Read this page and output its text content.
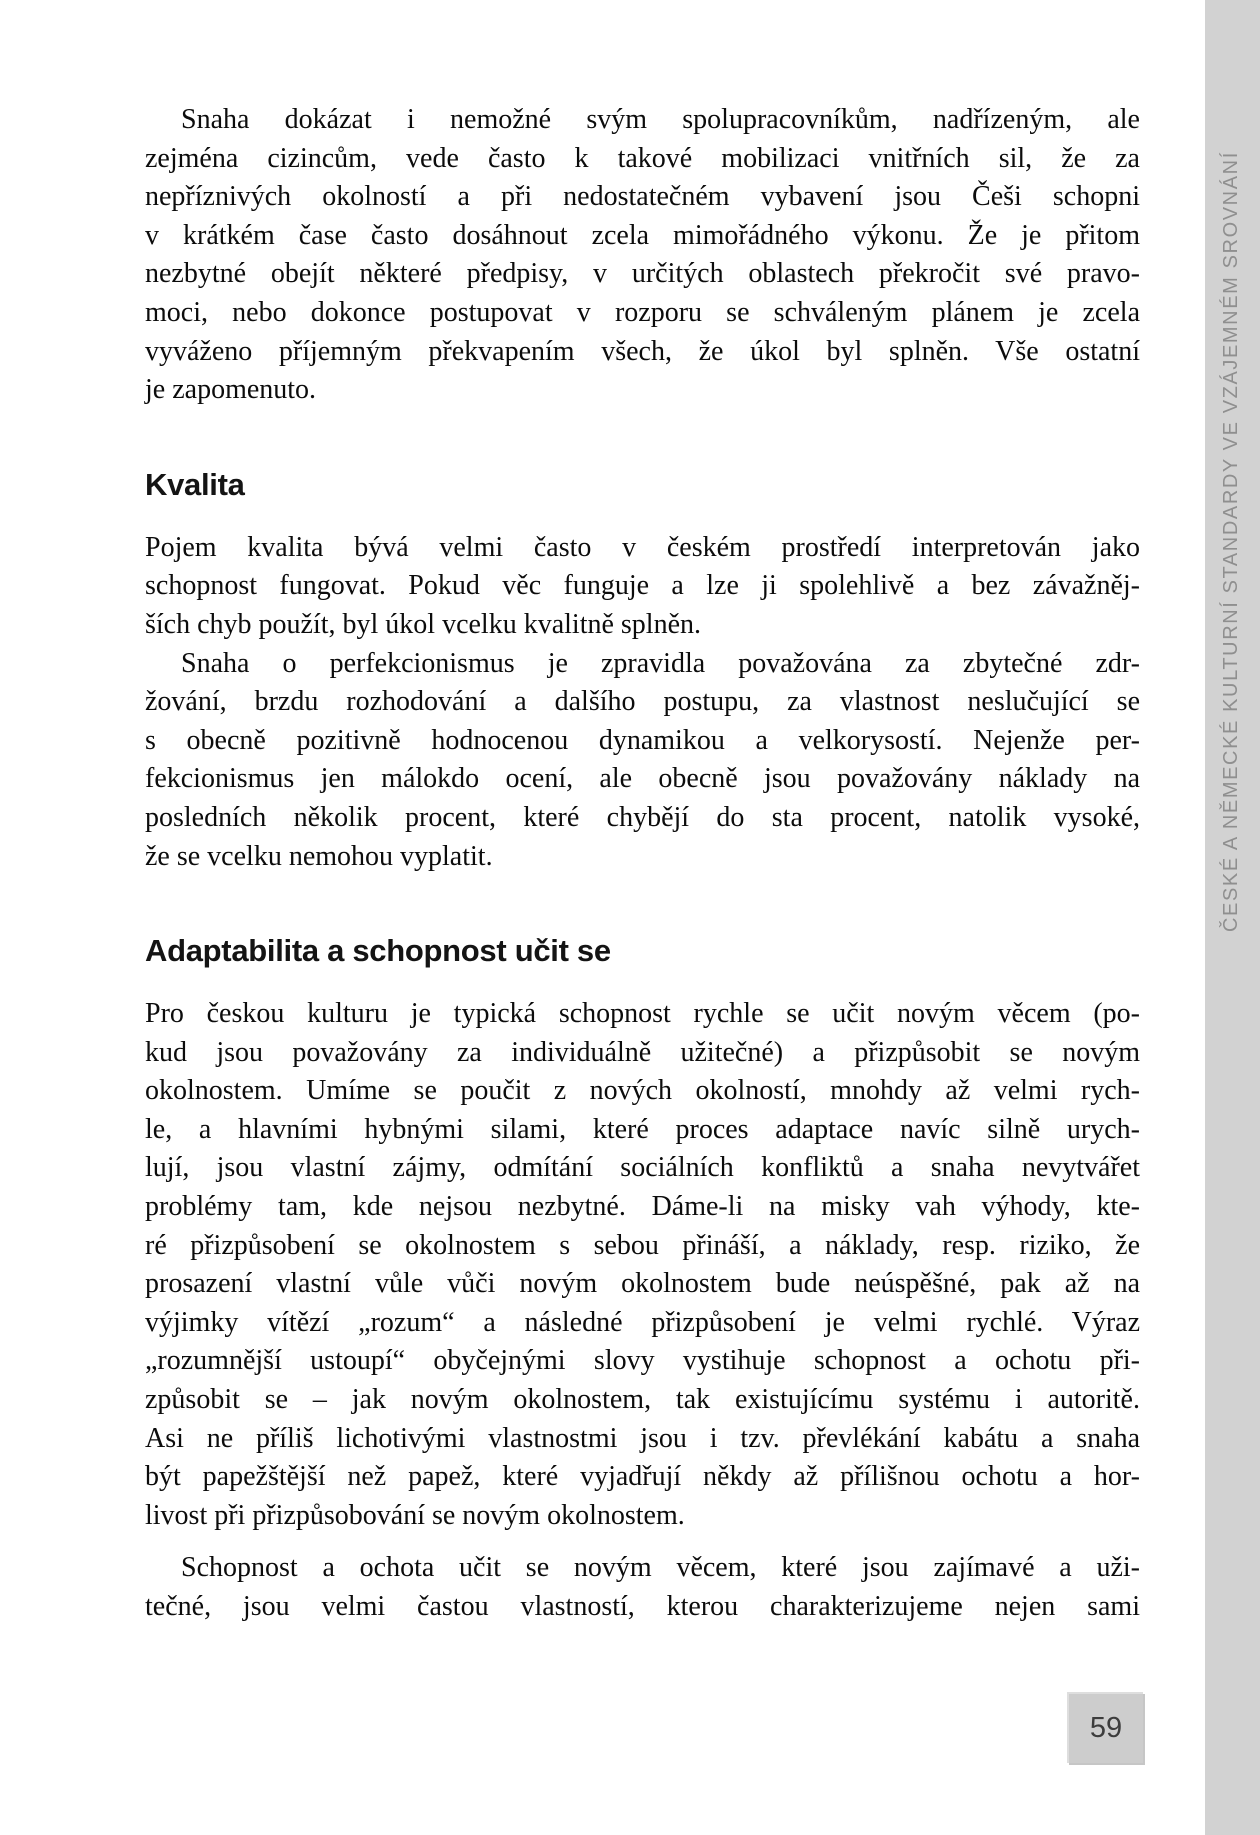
Snaha dokázat i nemožné svým spolupracovníkům, nadřízeným, ale
zejména cizincům, vede často k takové mobilizaci vnitřních sil, že za
nepříznivých okolností a při nedostatečném vybavení jsou Češi schopni
v krátkém čase často dosáhnout zcela mimořádného výkonu. Že je přitom
nezbytné obejít některé předpisy, v určitých oblastech překročit své pravo-
moci, nebo dokonce postupovat v rozporu se schváleným plánem je zcela
vyváženo příjemným překvapením všech, že úkol byl splněn. Vše ostatní
je zapomenuto.
Kvalita
Pojem kvalita bývá velmi často v českém prostředí interpretován jako
schopnost fungovat. Pokud věc funguje a lze ji spolehlivě a bez závažněj-
ších chyb použít, byl úkol vcelku kvalitně splněn.
Snaha o perfekcionismus je zpravidla považována za zbytečné zdr-
žování, brzdu rozhodování a dalšího postupu, za vlastnost neslučující se
s obecně pozitivně hodnocenou dynamikou a velkorysostí. Nejenže per-
fekcionismus jen málokdo ocení, ale obecně jsou považovány náklady na
posledních několik procent, které chybějí do sta procent, natolik vysoké,
že se vcelku nemohou vyplatit.
Adaptabilita a schopnost učit se
Pro českou kulturu je typická schopnost rychle se učit novým věcem (po-
kud jsou považovány za individuálně užitečné) a přizpůsobit se novým
okolnostem. Umíme se poučit z nových okolností, mnohdy až velmi rych-
le, a hlavními hybnými silami, které proces adaptace navíc silně urych-
lují, jsou vlastní zájmy, odmítání sociálních konfliktů a snaha nevytvářet
problémy tam, kde nejsou nezbytné. Dáme-li na misky vah výhody, kte-
ré přizpůsobení se okolnostem s sebou přináší, a náklady, resp. riziko, že
prosazení vlastní vůle vůči novým okolnostem bude neúspěšné, pak až na
výjimky vítězí „rozum“ a následné přizpůsobení je velmi rychlé. Výraz
„rozumnější ustoupí“ obyčejnými slovy vystihuje schopnost a ochotu při-
způsobit se – jak novým okolnostem, tak existujícímu systému i autoritě.
Asi ne příliš lichotivými vlastnostmi jsou i tzv. převlékání kabátu a snaha
být papežštější než papež, které vyjadřují někdy až přílišnou ochotu a hor-
livost při přizpůsobování se novým okolnostem.
Schopnost a ochota učit se novým věcem, které jsou zajímavé a uži-
tečné, jsou velmi častou vlastností, kterou charakterizujeme nejen sami
ČESKÉ A NĚMECKÉ KULTURNÍ STANDARDY VE VZÁJEMNÉM SROVNÁNÍ
59
